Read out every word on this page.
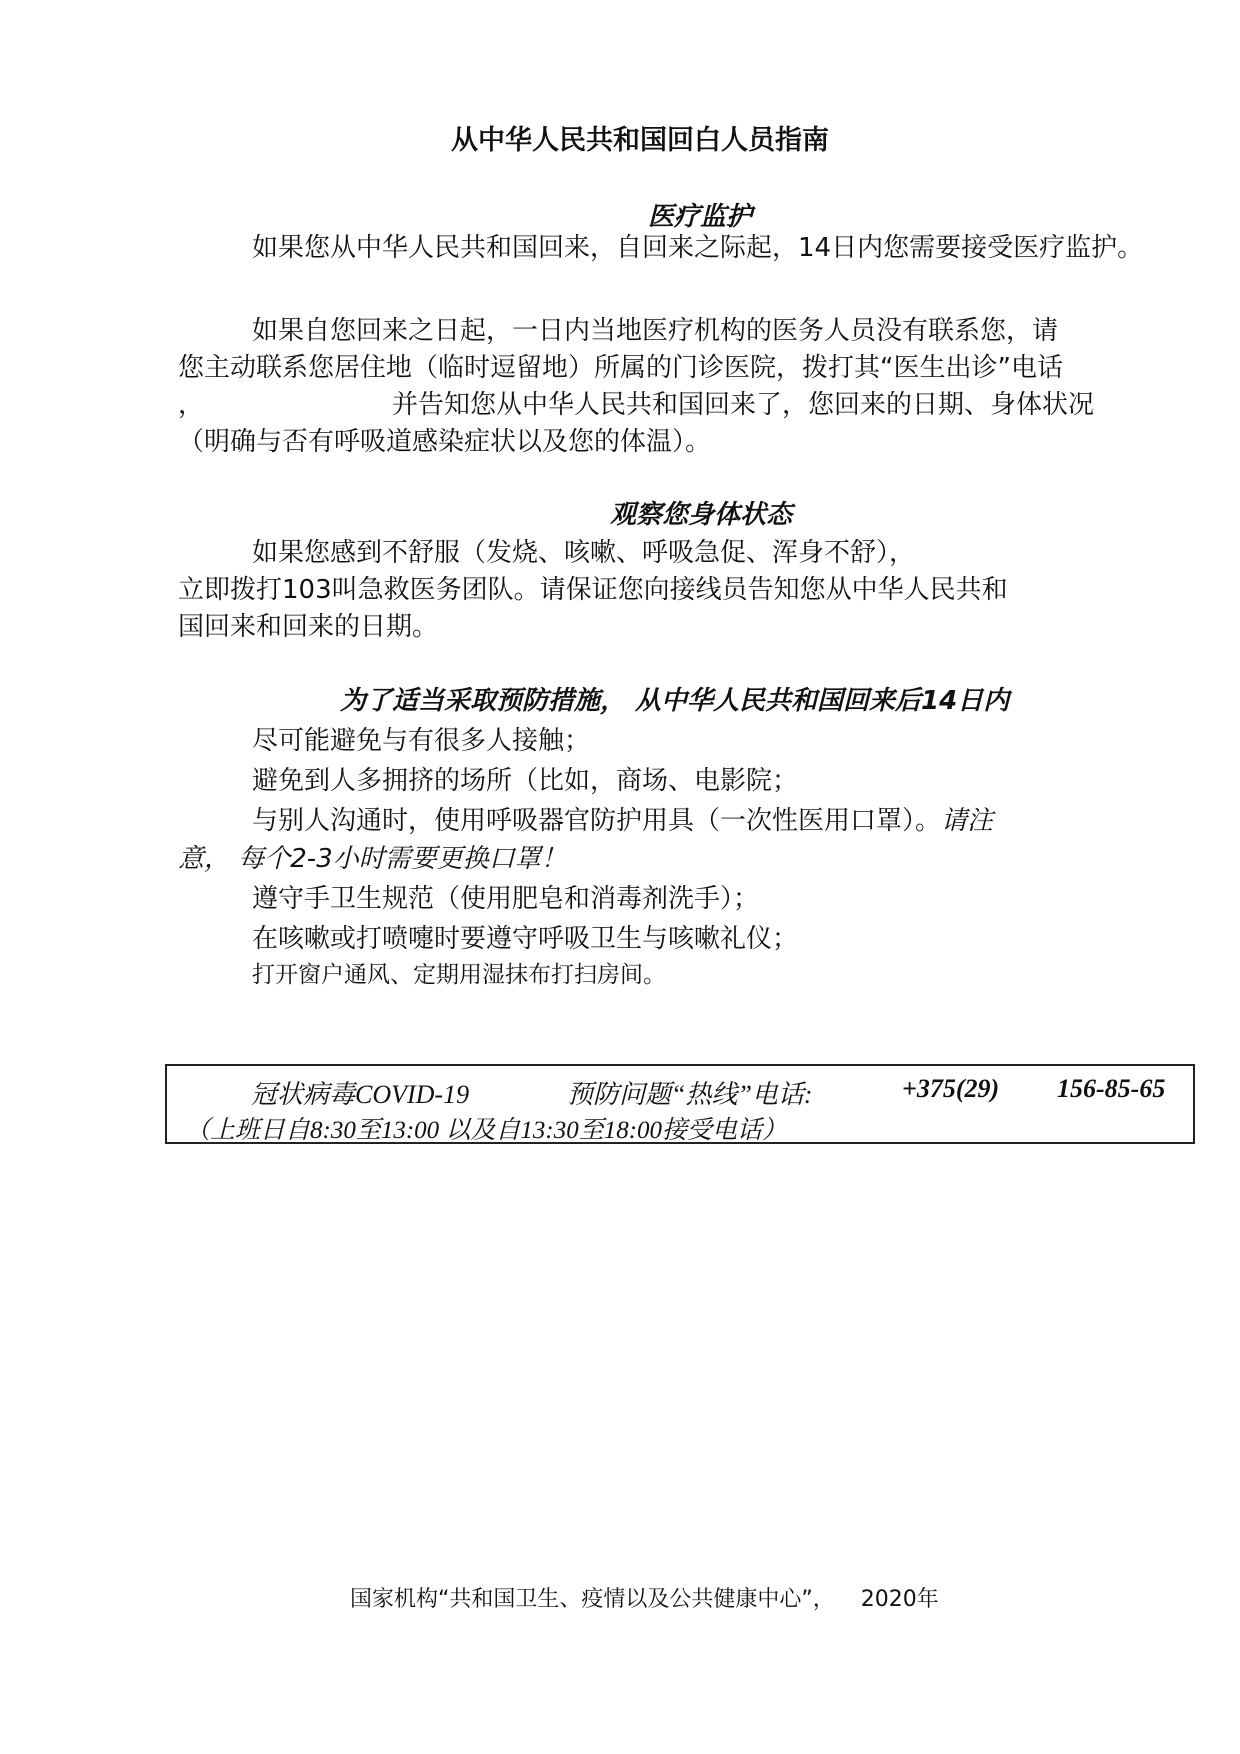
从中华人民共和国回白人员指南
医疗监护
如果您从中华人民共和国回来，自回来之际起，14日内您需要接受医疗监护。
如果自您回来之日起，一日内当地医疗机构的医务人员没有联系您，请
您主动联系您居住地（临时逗留地）所属的门诊医院，拨打其“医生出诊”电话
，	并告知您从中华人民共和国回来了，您回来的日期、身体状况
（明确与否有呼吸道感染症状以及您的体温）。
观察您身体状态
如果您感到不舒服（发烧、咳嗽、呼吸急促、浑身不舒），
立即拨打103叫急救医务团队。请保证您向接线员告知您从中华人民共和
国回来和回来的日期。
为了适当采取预防措施， 从中华人民共和国回来后14日内
尽可能避免与有很多人接触；
避免到人多拥挤的场所（比如，商场、电影院；
与别人沟通时，使用呼吸器官防护用具（一次性医用口罩）。请注
意， 每个2-3小时需要更换口罩！
遵守手卫生规范（使用肥皂和消毒剂洗手）；
在咳嗽或打喷嚏时要遵守呼吸卫生与咳嗽礼仪；
打开窗户通风、定期用湿抹布打扫房间。
冠状病毒COVID-19	预防问题“热线”电话:	+375(29) 156-85-65
（上班日自8:30至13:00 以及自13:30至18:00接受电话）
国家机构“共和国卫生、疫情以及公共健康中心”， 2020年
